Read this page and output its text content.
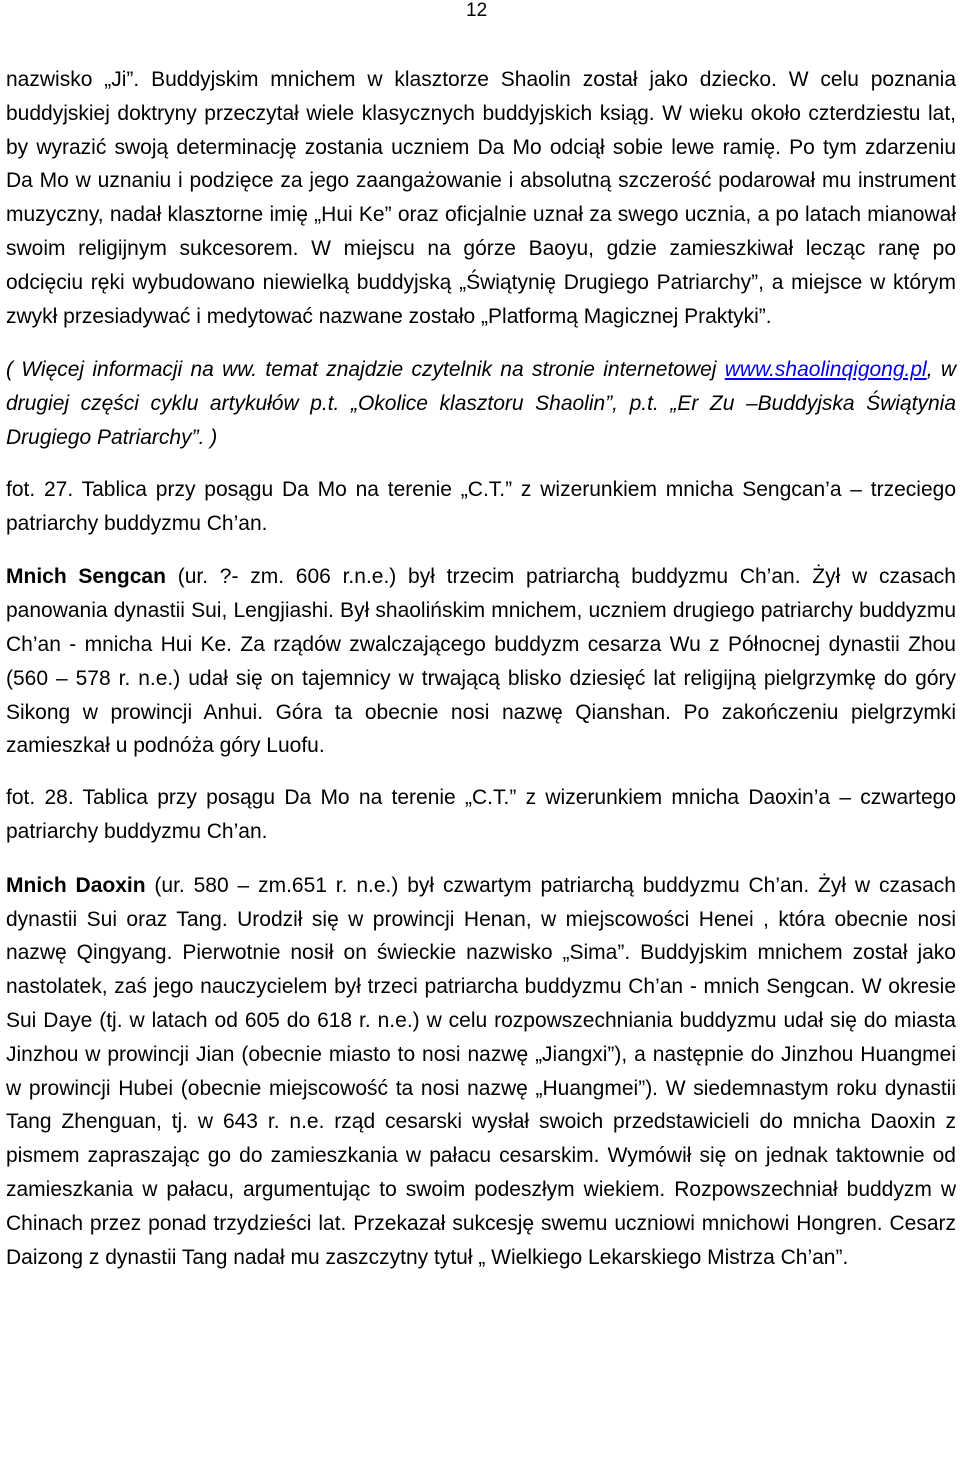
12

nazwisko „Ji”. Buddyjskim mnichem w klasztorze Shaolin został jako dziecko. W celu poznania buddyjskiej doktryny przeczytał wiele klasycznych buddyjskich ksiąg. W wieku około czterdziestu lat, by wyrazić swoją determinację zostania uczniem Da Mo odciął sobie lewe ramię. Po tym zdarzeniu Da Mo w uznaniu i podzięce za jego zaangażowanie i absolutną szczerość podarował mu instrument muzyczny, nadał klasztorne imię „Hui Ke” oraz oficjalnie uznał za swego ucznia, a po latach mianował swoim religijnym sukcesorem. W miejscu na górze Baoyu, gdzie zamieszkiwał lecząc ranę po odcięciu ręki wybudowano niewielką buddyjską „Świątynię Drugiego Patriarchy”, a miejsce w którym zwykł przesiadywać i medytować nazwane zostało „Platformą Magicznej Praktyki”.

( Więcej informacji na ww. temat znajdzie czytelnik na stronie internetowej www.shaolinqigong.pl, w drugiej części cyklu artykułów p.t. „Okolice klasztoru Shaolin”, p.t. „Er Zu –Buddyjska Świątynia Drugiego Patriarchy”. )

fot. 27. Tablica przy posągu Da Mo na terenie „C.T.” z wizerunkiem mnicha Sengcan’a – trzeciego patriarchy buddyzmu Ch’an.

Mnich Sengcan (ur. ?- zm. 606 r.n.e.) był trzecim patriarchą buddyzmu Ch’an. Żył w czasach panowania dynastii Sui, Lengjiashi. Był shaolińskim mnichem, uczniem drugiego patriarchy buddyzmu Ch’an - mnicha Hui Ke. Za rządów zwalczającego buddyzm cesarza Wu z Północnej dynastii Zhou (560 – 578 r. n.e.) udał się on tajemnicy w trwającą blisko dziesięć lat religijną pielgrzymkę do góry Sikong w prowincji Anhui. Góra ta obecnie nosi nazwę Qianshan. Po zakończeniu pielgrzymki zamieszkał u podnóża góry Luofu.

fot. 28. Tablica przy posągu Da Mo na terenie „C.T.” z wizerunkiem mnicha Daoxin’a – czwartego patriarchy buddyzmu Ch’an.

Mnich Daoxin (ur. 580 – zm.651 r. n.e.) był czwartym patriarchą buddyzmu Ch’an. Żył w czasach dynastii Sui oraz Tang. Urodził się w prowincji Henan, w miejscowości Henei , która obecnie nosi nazwę Qingyang. Pierwotnie nosił on świeckie nazwisko „Sima”. Buddyjskim mnichem został jako nastolatek, zaś jego nauczycielem był trzeci patriarcha buddyzmu Ch’an - mnich Sengcan. W okresie Sui Daye (tj. w latach od 605 do 618 r. n.e.) w celu rozpowszechniania buddyzmu udał się do miasta Jinzhou w prowincji Jian (obecnie miasto to nosi nazwę „Jiangxi”), a następnie do Jinzhou Huangmei w prowincji Hubei (obecnie miejscowość ta nosi nazwę „Huangmei”). W siedemnastym roku dynastii Tang Zhenguan, tj. w 643 r. n.e. rząd cesarski wysłał swoich przedstawicieli do mnicha Daoxin z pismem zapraszając go do zamieszkania w pałacu cesarskim. Wymówił się on jednak taktownie od zamieszkania w pałacu, argumentując to swoim podeszłym wiekiem. Rozpowszechniał buddyzm w Chinach przez ponad trzydzieści lat. Przekazał sukcesję swemu uczniowi mnichowi Hongren. Cesarz Daizong z dynastii Tang nadał mu zaszczytny tytuł „ Wielkiego Lekarskiego Mistrza Ch’an”.
